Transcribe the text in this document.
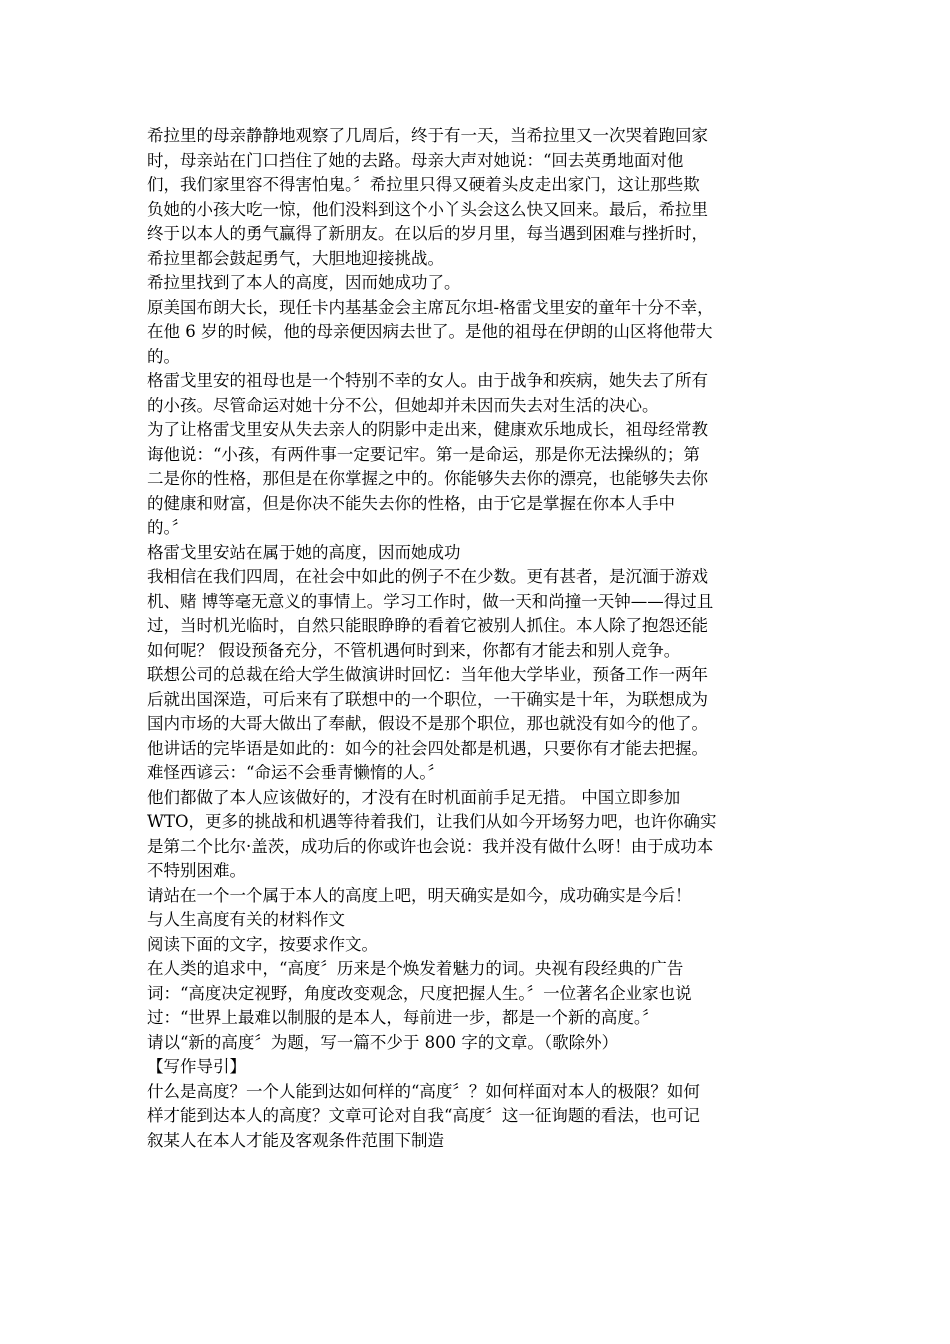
希拉里的母亲静静地观察了几周后，终于有一天，当希拉里又一次哭着跑回家
时，母亲站在门口挡住了她的去路。母亲大声对她说：“回去英勇地面对他
们，我们家里容不得害怕鬼。〞希拉里只得又硬着头皮走出家门，这让那些欺
负她的小孩大吃一惊，他们没料到这个小丫头会这么快又回来。最后，希拉里
终于以本人的勇气赢得了新朋友。在以后的岁月里，每当遇到困难与挫折时，
希拉里都会鼓起勇气，大胆地迎接挑战。
希拉里找到了本人的高度，因而她成功了。
原美国布朗大长，现任卡内基基金会主席瓦尔坦-格雷戈里安的童年十分不幸，
在他 6 岁的时候，他的母亲便因病去世了。是他的祖母在伊朗的山区将他带大
的。
格雷戈里安的祖母也是一个特别不幸的女人。由于战争和疾病，她失去了所有
的小孩。尽管命运对她十分不公，但她却并未因而失去对生活的决心。
为了让格雷戈里安从失去亲人的阴影中走出来，健康欢乐地成长，祖母经常教
诲他说：“小孩，有两件事一定要记牢。第一是命运，那是你无法操纵的；第
二是你的性格，那但是在你掌握之中的。你能够失去你的漂亮，也能够失去你
的健康和财富，但是你决不能失去你的性格，由于它是掌握在你本人手中
的。〞
格雷戈里安站在属于她的高度，因而她成功
我相信在我们四周，在社会中如此的例子不在少数。更有甚者，是沉湎于游戏
机、赌 博等毫无意义的事情上。学习工作时，做一天和尚撞一天钟——得过且
过，当时机光临时，自然只能眼睁睁的看着它被别人抓住。本人除了抱怨还能
如何呢？ 假设预备充分，不管机遇何时到来，你都有才能去和别人竞争。
联想公司的总裁在给大学生做演讲时回忆：当年他大学毕业，预备工作一两年
后就出国深造，可后来有了联想中的一个职位，一干确实是十年，为联想成为
国内市场的大哥大做出了奉献，假设不是那个职位，那也就没有如今的他了。
他讲话的完毕语是如此的：如今的社会四处都是机遇，只要你有才能去把握。
难怪西谚云：“命运不会垂青懒惰的人。〞
他们都做了本人应该做好的，才没有在时机面前手足无措。 中国立即参加
WTO，更多的挑战和机遇等待着我们，让我们从如今开场努力吧，也许你确实
是第二个比尔·盖茨，成功后的你或许也会说：我并没有做什么呀！由于成功本
不特别困难。
请站在一个一个属于本人的高度上吧，明天确实是如今，成功确实是今后！
与人生高度有关的材料作文
阅读下面的文字，按要求作文。
在人类的追求中，“高度〞历来是个焕发着魅力的词。央视有段经典的广告
词：“高度决定视野，角度改变观念，尺度把握人生。〞一位著名企业家也说
过：“世界上最难以制服的是本人，每前进一步，都是一个新的高度。〞
请以“新的高度〞为题，写一篇不少于 800 字的文章。（歌除外）
【写作导引】
什么是高度？一个人能到达如何样的“高度〞？如何样面对本人的极限？如何
样才能到达本人的高度？文章可论对自我“高度〞这一征询题的看法，也可记
叙某人在本人才能及客观条件范围下制造
